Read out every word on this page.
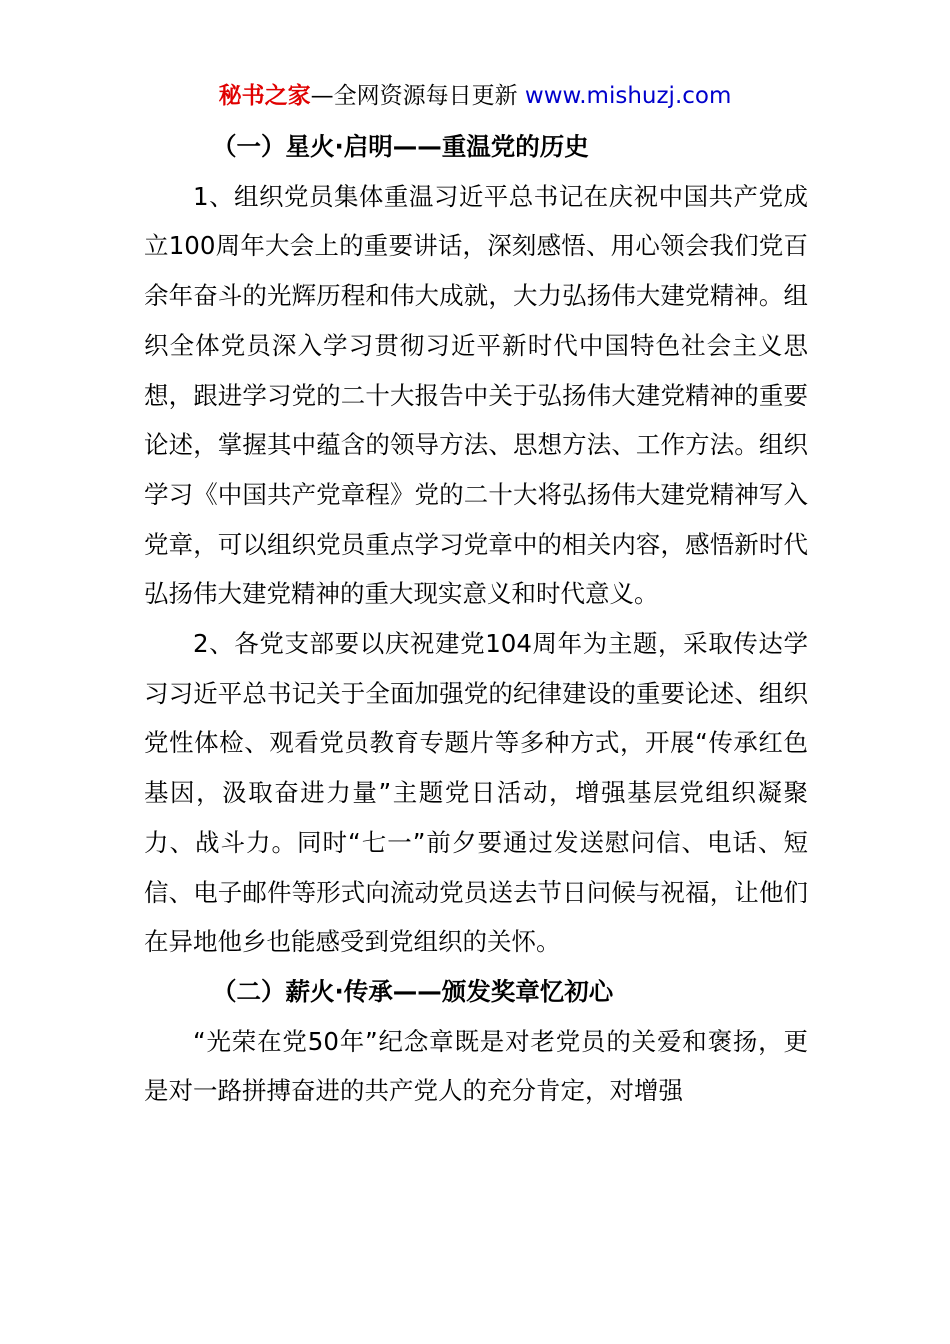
秘书之家—全网资源每日更新 www.mishuzj.com

（一）星火·启明——重温党的历史

1、组织党员集体重温习近平总书记在庆祝中国共产党成立100周年大会上的重要讲话，深刻感悟、用心领会我们党百余年奋斗的光辉历程和伟大成就，大力弘扬伟大建党精神。组织全体党员深入学习贯彻习近平新时代中国特色社会主义思想，跟进学习党的二十大报告中关于弘扬伟大建党精神的重要论述，掌握其中蕴含的领导方法、思想方法、工作方法。组织学习《中国共产党章程》党的二十大将弘扬伟大建党精神写入党章，可以组织党员重点学习党章中的相关内容，感悟新时代弘扬伟大建党精神的重大现实意义和时代意义。

2、各党支部要以庆祝建党104周年为主题，采取传达学习习近平总书记关于全面加强党的纪律建设的重要论述、组织党性体检、观看党员教育专题片等多种方式，开展“传承红色基因，汲取奋进力量”主题党日活动，增强基层党组织凝聚力、战斗力。同时“七一”前夕要通过发送慰问信、电话、短信、电子邮件等形式向流动党员送去节日问候与祝福，让他们在异地他乡也能感受到党组织的关怀。

（二）薪火·传承——颁发奖章忆初心

“光荣在党50年”纪念章既是对老党员的关爱和褒扬，更是对一路拼搏奋进的共产党人的充分肯定，对增强
